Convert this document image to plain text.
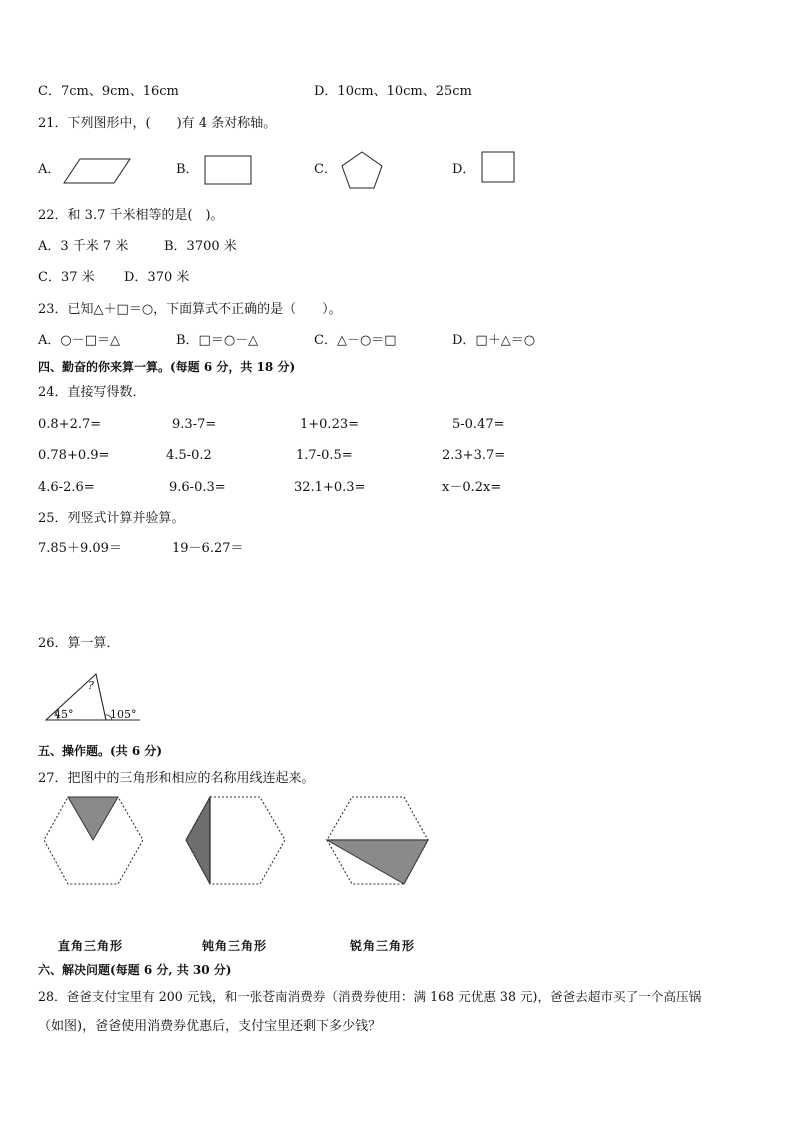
C．7cm、9cm、16cm	D．10cm、10cm、25cm
21．下列图形中，(　　)有 4 条对称轴。
A．	B．	C．	D．
22．和 3.7 千米相等的是(　)。
A．3 千米 7 米	B．3700 米
C．37 米 D．370 米
23．已知△＋□＝○，下面算式不正确的是（　　）。
A．○－□＝△	B．□＝○－△	C．△－○＝□	D．□＋△＝○
四、勤奋的你来算一算。(每题 6 分，共 18 分)
24．直接写得数．
0.8+2.7=	9.3-7=	1+0.23=	5-0.47=
0.78+0.9=	4.5-0.2	1.7-0.5=	2.3+3.7=
4.6-2.6=	9.6-0.3=	32.1+0.3=	x－0.2x=
25．列竖式计算并验算。
7.85＋9.09＝	19－6.27＝
26．算一算．
45°
?
105°
五、操作题。(共 6 分)
27．把图中的三角形和相应的名称用线连起来。
直角三角形	钝角三角形	锐角三角形
六、解决问题(每题 6 分, 共 30 分)
28．爸爸支付宝里有 200 元钱，和一张苍南消费券（消费券使用：满 168 元优惠 38 元)，爸爸去超市买了一个高压锅
（如图)，爸爸使用消费券优惠后，支付宝里还剩下多少钱？
